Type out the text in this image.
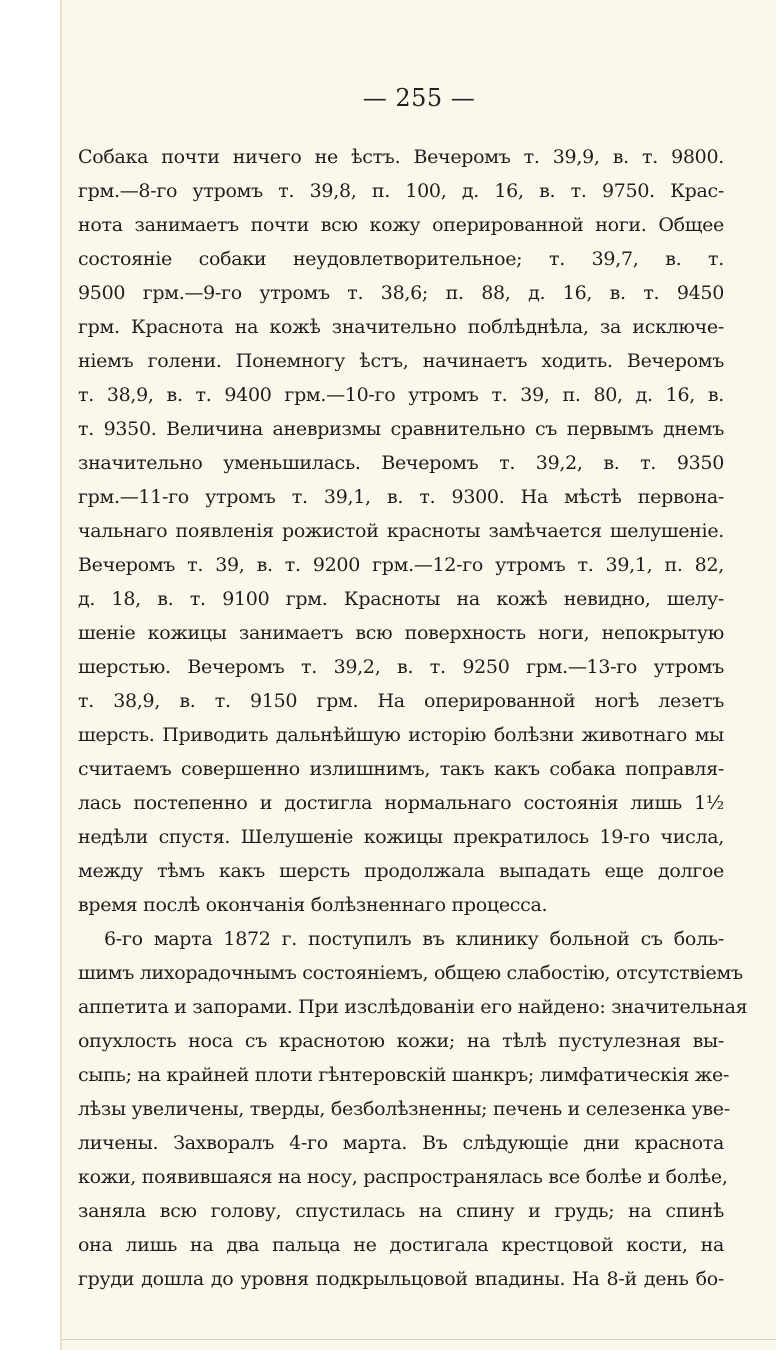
— 255 —

Собака почти ничего не ѣстъ. Вечеромъ т. 39,9, в. т. 9800.
грм.—8-го утромъ т. 39,8, п. 100, д. 16, в. т. 9750. Крас-
нота занимаетъ почти всю кожу оперированной ноги. Общее
состояніе собаки неудовлетворительное; т. 39,7, в. т.
9500 грм.—9-го утромъ т. 38,6; п. 88, д. 16, в. т. 9450
грм. Краснота на кожѣ значительно поблѣднѣла, за исключе-
ніемъ голени. Понемногу ѣстъ, начинаетъ ходить. Вечеромъ
т. 38,9, в. т. 9400 грм.—10-го утромъ т. 39, п. 80, д. 16, в.
т. 9350. Величина аневризмы сравнительно съ первымъ днемъ
значительно уменьшилась. Вечеромъ т. 39,2, в. т. 9350
грм.—11-го утромъ т. 39,1, в. т. 9300. На мѣстѣ первона-
чальнаго появленія рожистой красноты замѣчается шелушеніе.
Вечеромъ т. 39, в. т. 9200 грм.—12-го утромъ т. 39,1, п. 82,
д. 18, в. т. 9100 грм. Красноты на кожѣ невидно, шелу-
шеніе кожицы занимаетъ всю поверхность ноги, непокрытую
шерстью. Вечеромъ т. 39,2, в. т. 9250 грм.—13-го утромъ
т. 38,9, в. т. 9150 грм. На оперированной ногѣ лезетъ
шерсть. Приводить дальнѣйшую исторію болѣзни животнаго мы
считаемъ совершенно излишнимъ, такъ какъ собака поправля-
лась постепенно и достигла нормальнаго состоянія лишь 1½
недѣли спустя. Шелушеніе кожицы прекратилось 19-го числа,
между тѣмъ какъ шерсть продолжала выпадать еще долгое
время послѣ окончанія болѣзненнаго процесса.
6-го марта 1872 г. поступилъ въ клинику больной съ боль-
шимъ лихорадочнымъ состояніемъ, общею слабостію, отсутствіемъ
аппетита и запорами. При изслѣдованіи его найдено: значительная
опухлость носа съ краснотою кожи; на тѣлѣ пустулезная вы-
сыпь; на крайней плоти гѣнтеровскій шанкръ; лимфатическія же-
лѣзы увеличены, тверды, безболѣзненны; печень и селезенка уве-
личены. Захворалъ 4-го марта. Въ слѣдующіе дни краснота
кожи, появившаяся на носу, распространялась все болѣе и болѣе,
заняла всю голову, спустилась на спину и грудь; на спинѣ
она лишь на два пальца не достигала крестцовой кости, на
груди дошла до уровня подкрыльцовой впадины. На 8-й день бо-
